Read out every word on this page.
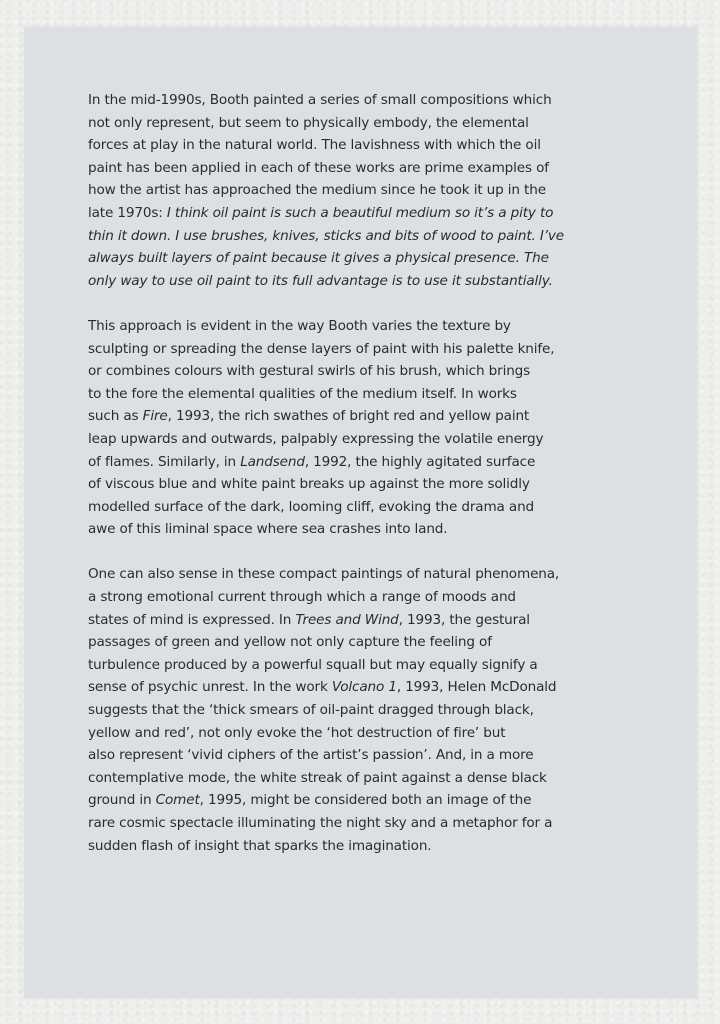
In the mid-1990s, Booth painted a series of small compositions which
not only represent, but seem to physically embody, the elemental
forces at play in the natural world. The lavishness with which the oil
paint has been applied in each of these works are prime examples of
how the artist has approached the medium since he took it up in the
late 1970s: I think oil paint is such a beautiful medium so it’s a pity to
thin it down. I use brushes, knives, sticks and bits of wood to paint. I’ve
always built layers of paint because it gives a physical presence. The
only way to use oil paint to its full advantage is to use it substantially.

This approach is evident in the way Booth varies the texture by
sculpting or spreading the dense layers of paint with his palette knife,
or combines colours with gestural swirls of his brush, which brings
to the fore the elemental qualities of the medium itself. In works
such as Fire, 1993, the rich swathes of bright red and yellow paint
leap upwards and outwards, palpably expressing the volatile energy
of flames. Similarly, in Landsend, 1992, the highly agitated surface
of viscous blue and white paint breaks up against the more solidly
modelled surface of the dark, looming cliff, evoking the drama and
awe of this liminal space where sea crashes into land.

One can also sense in these compact paintings of natural phenomena,
a strong emotional current through which a range of moods and
states of mind is expressed. In Trees and Wind, 1993, the gestural
passages of green and yellow not only capture the feeling of
turbulence produced by a powerful squall but may equally signify a
sense of psychic unrest. In the work Volcano 1, 1993, Helen McDonald
suggests that the ‘thick smears of oil-paint dragged through black,
yellow and red’, not only evoke the ‘hot destruction of fire’ but
also represent ‘vivid ciphers of the artist’s passion’. And, in a more
contemplative mode, the white streak of paint against a dense black
ground in Comet, 1995, might be considered both an image of the
rare cosmic spectacle illuminating the night sky and a metaphor for a
sudden flash of insight that sparks the imagination.
